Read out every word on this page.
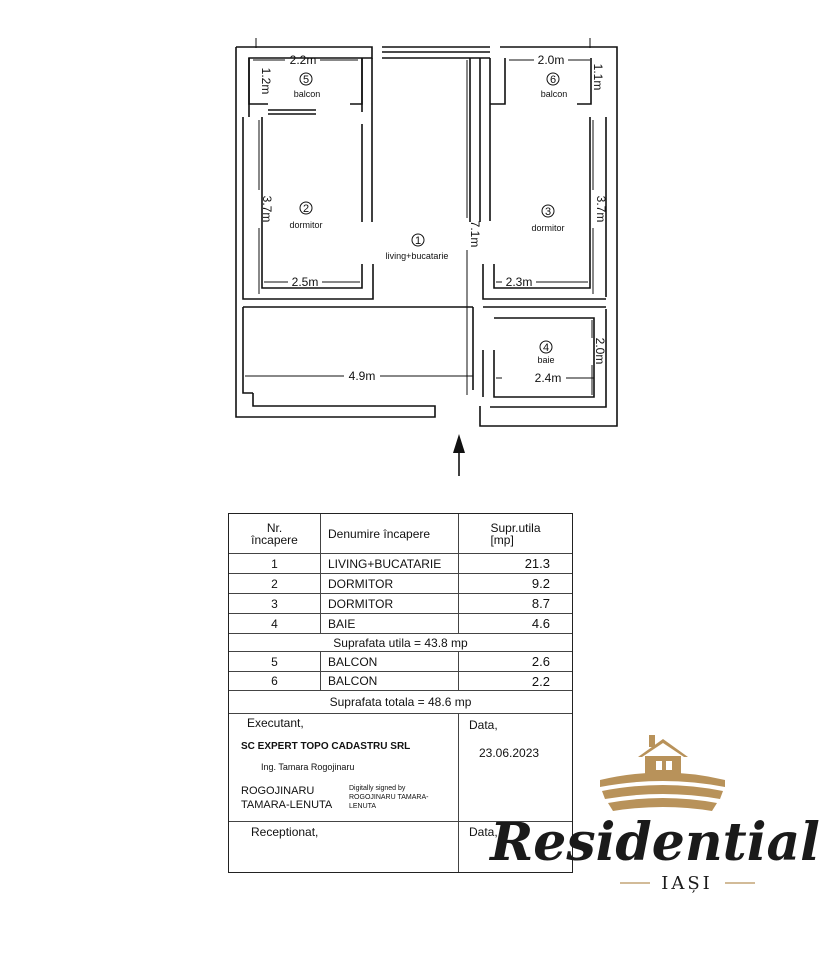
2.2m	2.0m
1.2m	1.1m
3.7m	3.7m
7.1m
2.5m	2.3m
4.9m	2.4m
2.0m
5
balcon
6
balcon
2
dormitor
3
dormitor
1
living+bucatarie
4
baie
Nr.
încapere	Denumire încapere	Supr.utila
[mp]
1	LIVING+BUCATARIE	21.3
2	DORMITOR	9.2
3	DORMITOR	8.7
4	BAIE	4.6
Suprafata utila = 43.8 mp
5	BALCON	2.6
6	BALCON	2.2
Suprafata totala = 48.6 mp
Executant,
SC EXPERT TOPO CADASTRU SRL
Ing. Tamara Rogojinaru
ROGOJINARU
TAMARA-LENUTA
Digitally signed by
ROGOJINARU TAMARA-
LENUTA
Data,
23.06.2023
Receptionat,	Data,
Residential
IAȘI
